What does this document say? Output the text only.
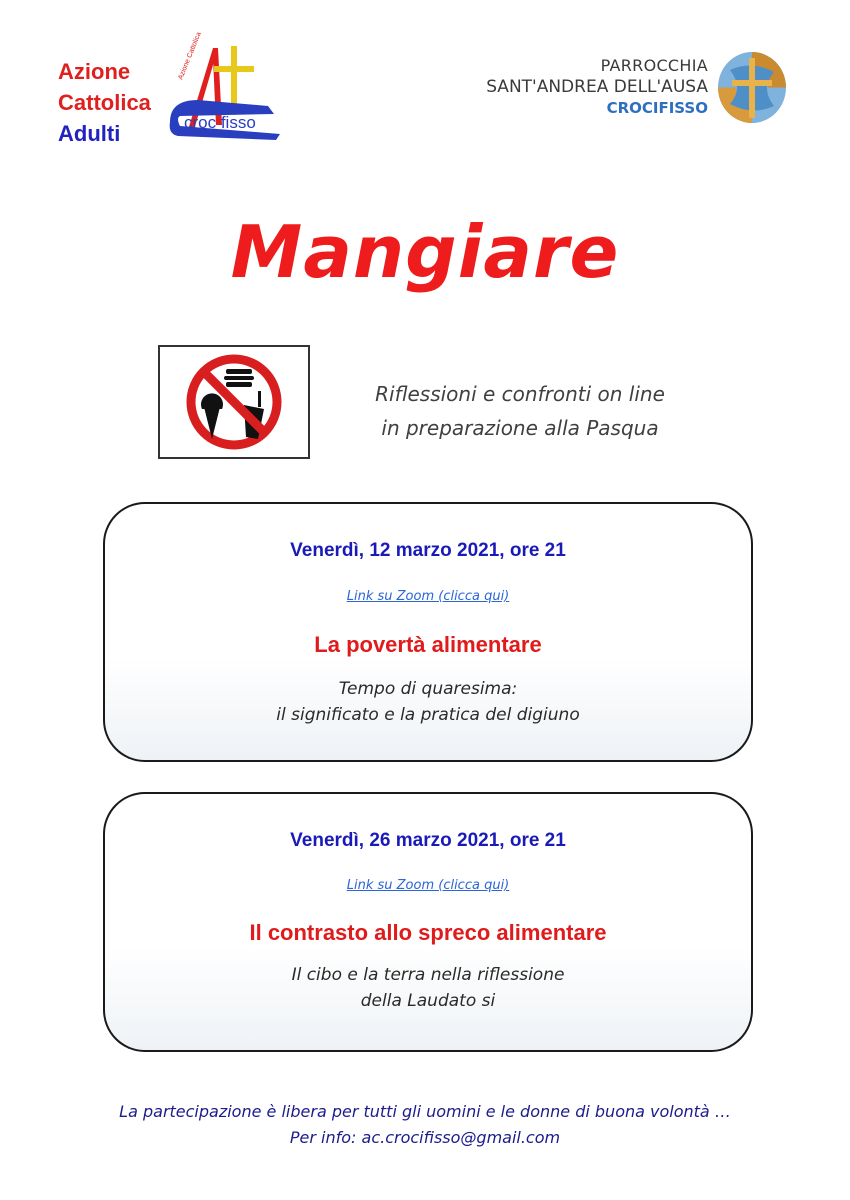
Azione
Cattolica
Adulti
Azione Cattolica
croc fisso
PARROCCHIA
SANT'ANDREA DELL'AUSA
CROCIFISSO
Mangiare
Riflessioni e confronti on line
in preparazione alla Pasqua
Venerdì, 12 marzo 2021, ore 21
Link su Zoom (clicca qui)
La povertà alimentare
Tempo di quaresima:
il significato e la pratica del digiuno
Venerdì, 26 marzo 2021, ore 21
Link su Zoom (clicca qui)
Il contrasto allo spreco alimentare
Il cibo e la terra nella riflessione
della Laudato si
La partecipazione è libera per tutti gli uomini e le donne di buona volontà …
Per info: ac.crocifisso@gmail.com
